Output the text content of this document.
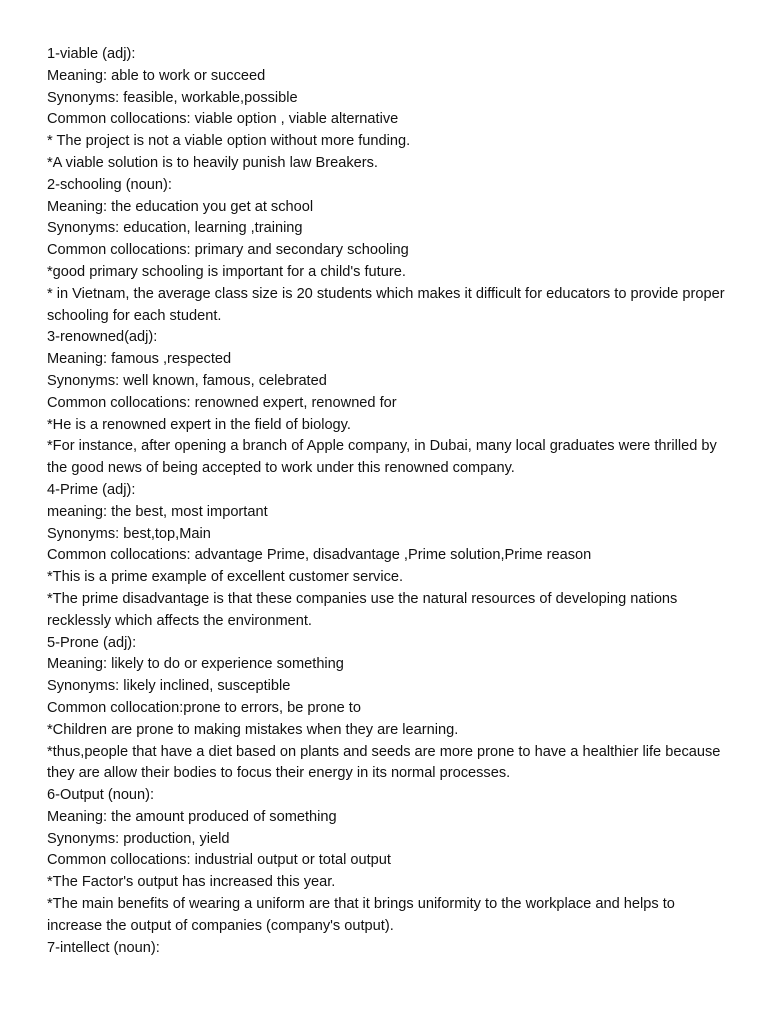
1-viable (adj):

Meaning: able to work or succeed

Synonyms: feasible, workable,possible

Common collocations: viable option , viable alternative

* The project is not a viable option without more funding.

*A viable solution is to heavily punish law Breakers.

2-schooling (noun):

Meaning: the education you get at school

Synonyms: education, learning ,training

Common collocations: primary and secondary schooling

*good primary schooling is important for a child's future.

* in Vietnam, the average class size is 20 students which makes it difficult for educators to provide proper schooling for each student.

3-renowned(adj):

Meaning: famous ,respected

Synonyms: well known, famous, celebrated

Common collocations: renowned expert, renowned for

*He is a renowned expert in the field of biology.

*For instance, after opening a branch of Apple company, in Dubai, many local graduates were thrilled by the good news of being accepted to work under this renowned company.

4-Prime (adj):

meaning: the best, most important

Synonyms: best,top,Main

Common collocations: advantage Prime, disadvantage ,Prime solution,Prime reason

*This is a prime example of excellent customer service.

*The prime disadvantage is that these companies use the natural resources of developing nations recklessly which affects the environment.

5-Prone (adj):

Meaning: likely to do or experience something

Synonyms: likely inclined, susceptible

Common collocation:prone to errors, be prone to

*Children are prone to making mistakes when they are learning.

*thus,people that have a diet based on plants and seeds are more prone to have a healthier life because they are allow their bodies to focus their energy in its normal processes.

6-Output (noun):

Meaning: the amount produced of something

Synonyms: production, yield

Common collocations: industrial output or total output

*The Factor's output has increased this year.

*The main benefits of wearing a uniform are that it brings uniformity to the workplace and helps to increase the output of companies (company's output).

7-intellect (noun):
